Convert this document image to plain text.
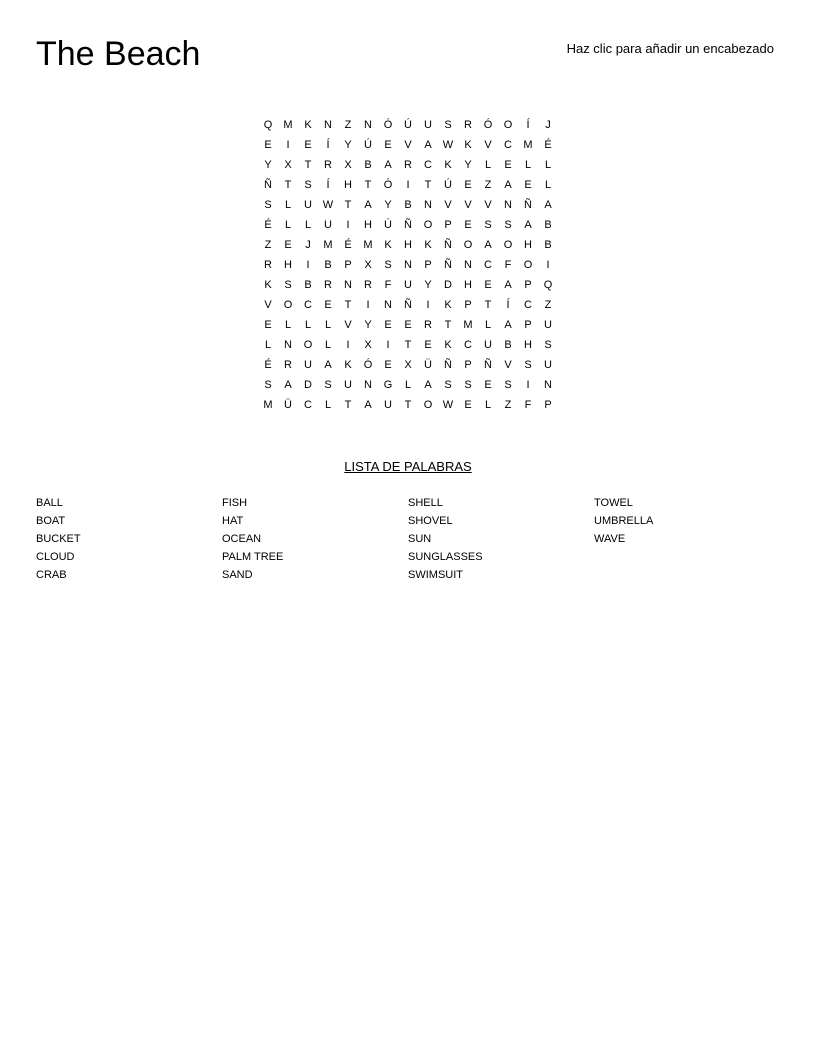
The Beach	Haz clic para añadir un encabezado
Q	M	K	N	Z	N	Ó	Ú	U	S	R	Ó	O	Í	J
E	I	E	Í	Y	Ú	E	V	A	W	K	V	C	M	É
Y	X	T	R	X	B	A	R	C	K	Y	L	E	L	L
Ñ	T	S	Í	H	T	Ó	I	T	Ú	E	Z	A	E	L
S	L	U W	T	A	Y	B	N	V	V	V	N	Ñ	A
É	L	L	U	I	H	Ú	Ñ	O	P	E	S	S	A	B
Z	E	J	M	É	M	K	H	K	Ñ	O	A	O	H	B
R	H	I	B	P	X	S	N	P	Ñ	N	C	F	O	I
K	S	B	R	N	R	F	U	Y	D	H	E	A	P	Q
V	O	C	E	T	I	N	Ñ	I	K	P	T	Í	C	Z
E	L	L	L	V	Y	E	E	R	T	M	L	A	P	U
L	N	O	L	I	X	I	T	E	K	C	U	B	H	S
É	R	U	A	K	Ó	E	X	Ü	Ñ	P	Ñ	V	S	U
S	A	D	S	U	N	G	L	A	S	S	E	S	I	N
M	Ü	C	L	T	A	U	T	O W	E	L	Z	F	P
LISTA DE PALABRAS
BALL
BOAT
BUCKET
CLOUD
CRAB
FISH
HAT
OCEAN
PALM TREE
SAND
SHELL
SHOVEL
SUN
SUNGLASSES
SWIMSUIT
TOWEL
UMBRELLA
WAVE
